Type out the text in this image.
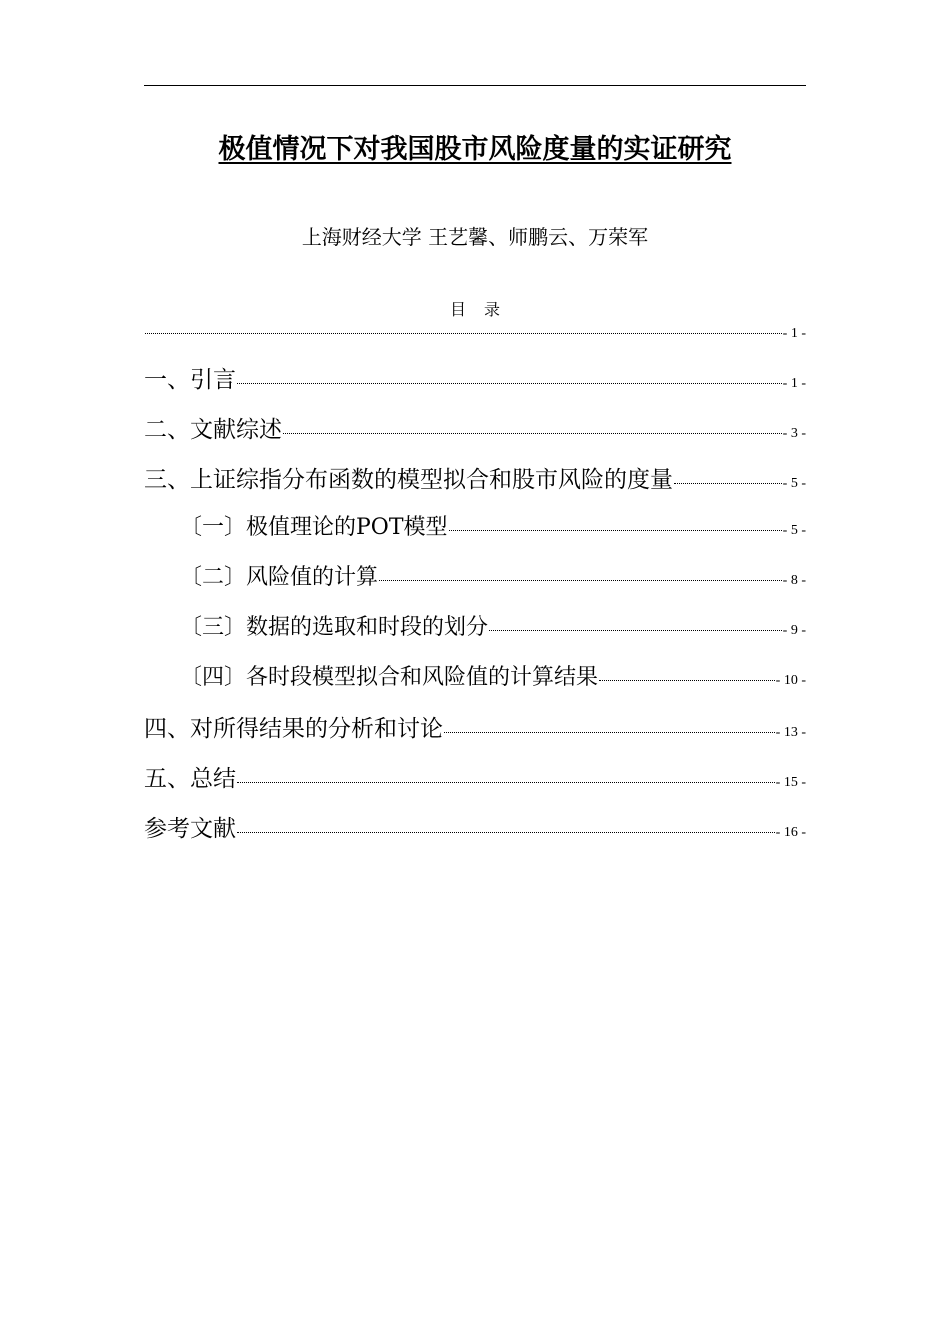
极值情况下对我国股市风险度量的实证研究
上海财经大学 王艺馨、师鹏云、万荣军
目录
- 1 -
一、引言	- 1 -
二、文献综述	- 3 -
三、上证综指分布函数的模型拟合和股市风险的度量	- 5 -
〔一〕极值理论的POT模型	- 5 -
〔二〕风险值的计算	- 8 -
〔三〕数据的选取和时段的划分	- 9 -
〔四〕各时段模型拟合和风险值的计算结果	- 10 -
四、对所得结果的分析和讨论	- 13 -
五、总结	- 15 -
参考文献	- 16 -
